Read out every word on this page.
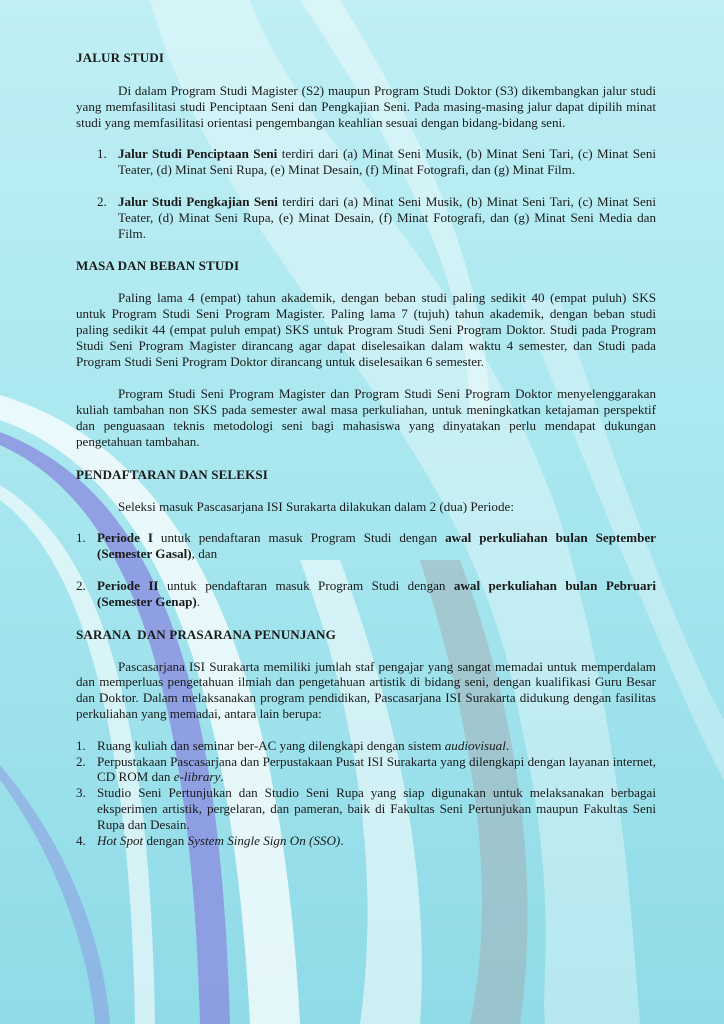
JALUR STUDI

Di dalam Program Studi Magister (S2) maupun Program Studi Doktor (S3) dikembangkan jalur studi yang memfasilitasi studi Penciptaan Seni dan Pengkajian Seni. Pada masing-masing jalur dapat dipilih minat studi yang memfasilitasi orientasi pengembangan keahlian sesuai dengan bidang-bidang seni.

1. Jalur Studi Penciptaan Seni terdiri dari (a) Minat Seni Musik, (b) Minat Seni Tari, (c) Minat Seni Teater, (d) Minat Seni Rupa, (e) Minat Desain, (f) Minat Fotografi, dan (g) Minat Film.
2. Jalur Studi Pengkajian Seni terdiri dari (a) Minat Seni Musik, (b) Minat Seni Tari, (c) Minat Seni Teater, (d) Minat Seni Rupa, (e) Minat Desain, (f) Minat Fotografi, dan (g) Minat Seni Media dan Film.
MASA DAN BEBAN STUDI

Paling lama 4 (empat) tahun akademik, dengan beban studi paling sedikit 40 (empat puluh) SKS untuk Program Studi Seni Program Magister. Paling lama 7 (tujuh) tahun akademik, dengan beban studi paling sedikit 44 (empat puluh empat) SKS untuk Program Studi Seni Program Doktor. Studi pada Program Studi Seni Program Magister dirancang agar dapat diselesaikan dalam waktu 4 semester, dan Studi pada Program Studi Seni Program Doktor dirancang untuk diselesaikan 6 semester.

Program Studi Seni Program Magister dan Program Studi Seni Program Doktor menyelenggarakan kuliah tambahan non SKS pada semester awal masa perkuliahan, untuk meningkatkan ketajaman perspektif dan penguasaan teknis metodologi seni bagi mahasiswa yang dinyatakan perlu mendapat dukungan pengetahuan tambahan.

PENDAFTARAN DAN SELEKSI

Seleksi masuk Pascasarjana ISI Surakarta dilakukan dalam 2 (dua) Periode:

1. Periode I untuk pendaftaran masuk Program Studi dengan awal perkuliahan bulan September (Semester Gasal), dan
2. Periode II untuk pendaftaran masuk Program Studi dengan awal perkuliahan bulan Pebruari (Semester Genap).
SARANA  DAN PRASARANA PENUNJANG

Pascasarjana ISI Surakarta memiliki jumlah staf pengajar yang sangat memadai untuk memperdalam dan memperluas pengetahuan ilmiah dan pengetahuan artistik di bidang seni, dengan kualifikasi Guru Besar dan Doktor. Dalam melaksanakan program pendidikan, Pascasarjana ISI Surakarta didukung dengan fasilitas perkuliahan yang memadai, antara lain berupa:

1. Ruang kuliah dan seminar ber-AC yang dilengkapi dengan sistem audiovisual.
2. Perpustakaan Pascasarjana dan Perpustakaan Pusat ISI Surakarta yang dilengkapi dengan layanan internet, CD ROM dan e-library.
3. Studio Seni Pertunjukan dan Studio Seni Rupa yang siap digunakan untuk melaksanakan berbagai eksperimen artistik, pergelaran, dan pameran, baik di Fakultas Seni Pertunjukan maupun Fakultas Seni Rupa dan Desain.
4. Hot Spot dengan System Single Sign On (SSO).
